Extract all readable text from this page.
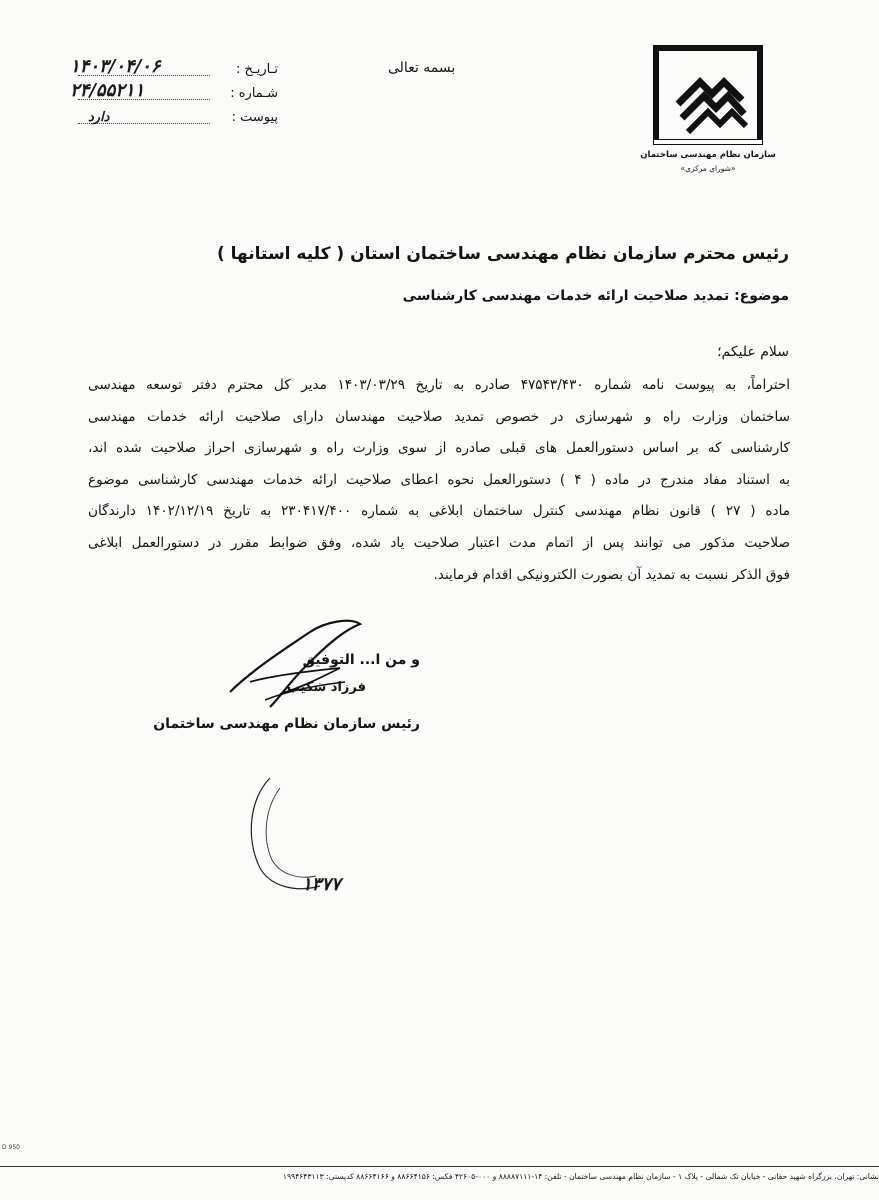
سازمان نظام مهندسی ساختمان
«شورای مرکزی»
بسمه تعالی
تـاریـخ :
۱۴۰۳/۰۴/۰۶
شـماره :
۲۴/۵۵۲۱۱
پیوست :
دارد
رئیس محترم سازمان نظام مهندسی ساختمان استان ( کلیه استانها )
موضوع: تمدید صلاحیت ارائه خدمات مهندسی کارشناسی
سلام علیکم؛

احتراماً، به پیوست نامه شماره ۴۷۵۴۳/۴۳۰ صادره به تاریخ ۱۴۰۳/۰۳/۲۹ مدیر کل محترم دفتر توسعه مهندسی

ساختمان وزارت راه و شهرسازی در خصوص تمدید صلاحیت مهندسان دارای صلاحیت ارائه خدمات مهندسی

کارشناسی که بر اساس دستورالعمل های قبلی صادره از سوی وزارت راه و شهرسازی احراز صلاحیت شده اند،

به استناد مفاد مندرج در ماده ( ۴ ) دستورالعمل نحوه اعطای صلاحیت ارائه خدمات مهندسی کارشناسی موضوع

ماده ( ۲۷ ) قانون نظام مهندسی کنترل ساختمان ابلاغی به شماره ۲۳۰۴۱۷/۴۰۰ به تاریخ ۱۴۰۲/۱۲/۱۹ دارندگان

صلاحیت مذکور می توانند پس از اتمام مدت اعتبار صلاحیت یاد شده، وفق ضوابط مقرر در دستورالعمل ابلاغی

فوق الذکر نسبت به تمدید آن بصورت الکترونیکی اقدام فرمایند.

و من ا... التوفیق
فرزاد شکیب
رئیس سازمان نظام مهندسی ساختمان
۱۳۷۷
D 950
نشانی: تهران، بزرگراه شهید حقانی - خیابان تک شمالی - پلاک ۱ - سازمان نظام مهندسی ساختمان - تلفن: ۱۴-۸۸۸۸۷۱۱۱ و ۰۰۰-۴۲۶۰۵ فکس: ۸۸۶۶۴۱۵۶ و ۸۸۶۶۴۱۶۶ کدپستی: ۱۹۹۴۶۴۳۱۱۳
